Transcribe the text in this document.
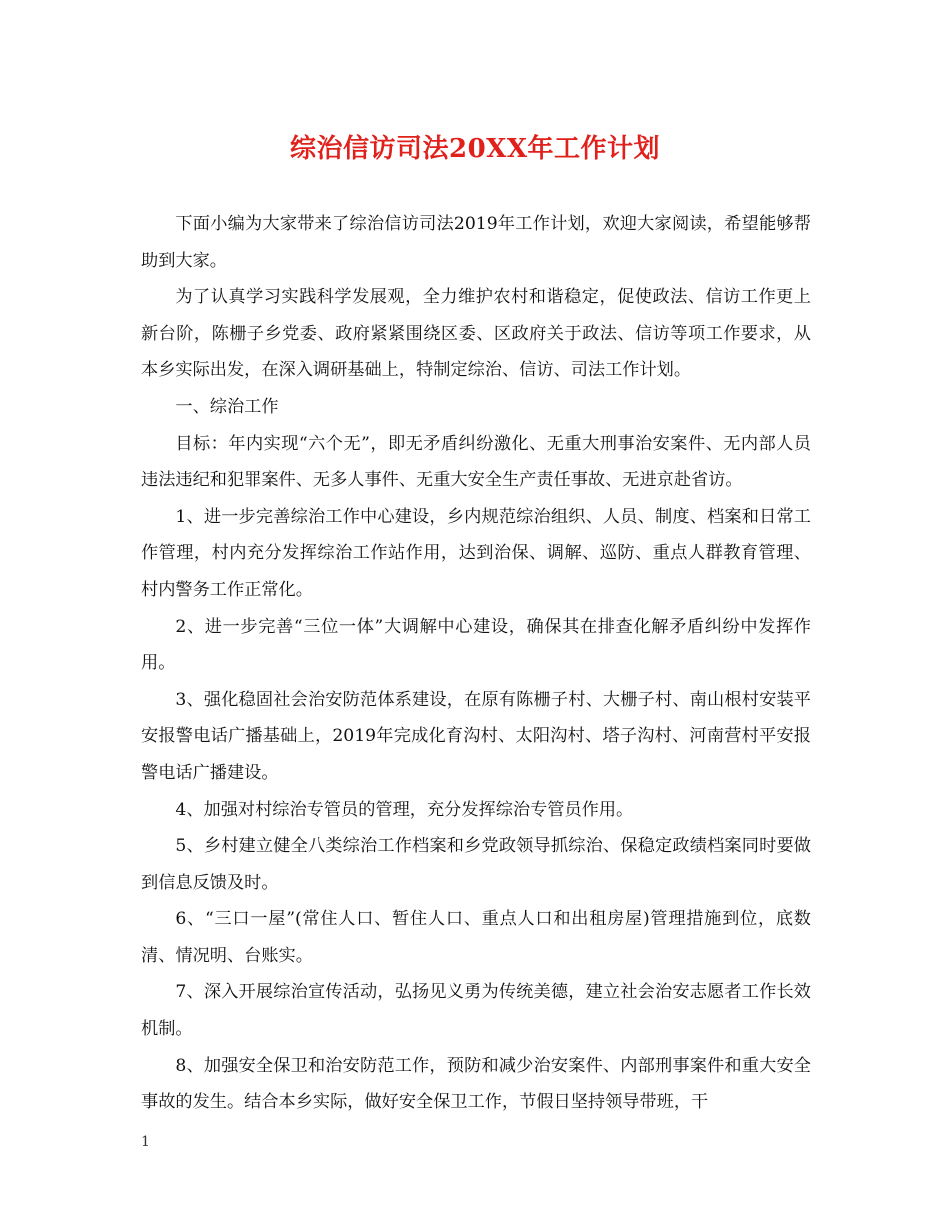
综治信访司法20XX年工作计划

下面小编为大家带来了综治信访司法2019年工作计划，欢迎大家阅读，希望能够帮助到大家。

为了认真学习实践科学发展观，全力维护农村和谐稳定，促使政法、信访工作更上新台阶，陈栅子乡党委、政府紧紧围绕区委、区政府关于政法、信访等项工作要求，从本乡实际出发，在深入调研基础上，特制定综治、信访、司法工作计划。

一、综治工作

目标：年内实现“六个无”，即无矛盾纠纷激化、无重大刑事治安案件、无内部人员违法违纪和犯罪案件、无多人事件、无重大安全生产责任事故、无进京赴省访。

1、进一步完善综治工作中心建设，乡内规范综治组织、人员、制度、档案和日常工作管理，村内充分发挥综治工作站作用，达到治保、调解、巡防、重点人群教育管理、村内警务工作正常化。

2、进一步完善“三位一体”大调解中心建设，确保其在排查化解矛盾纠纷中发挥作用。

3、强化稳固社会治安防范体系建设，在原有陈栅子村、大栅子村、南山根村安装平安报警电话广播基础上，2019年完成化育沟村、太阳沟村、塔子沟村、河南营村平安报警电话广播建设。

4、加强对村综治专管员的管理，充分发挥综治专管员作用。

5、乡村建立健全八类综治工作档案和乡党政领导抓综治、保稳定政绩档案同时要做到信息反馈及时。

6、“三口一屋”(常住人口、暂住人口、重点人口和出租房屋)管理措施到位，底数清、情况明、台账实。

7、深入开展综治宣传活动，弘扬见义勇为传统美德，建立社会治安志愿者工作长效机制。

8、加强安全保卫和治安防范工作，预防和减少治安案件、内部刑事案件和重大安全事故的发生。结合本乡实际，做好安全保卫工作，节假日坚持领导带班，干

1
